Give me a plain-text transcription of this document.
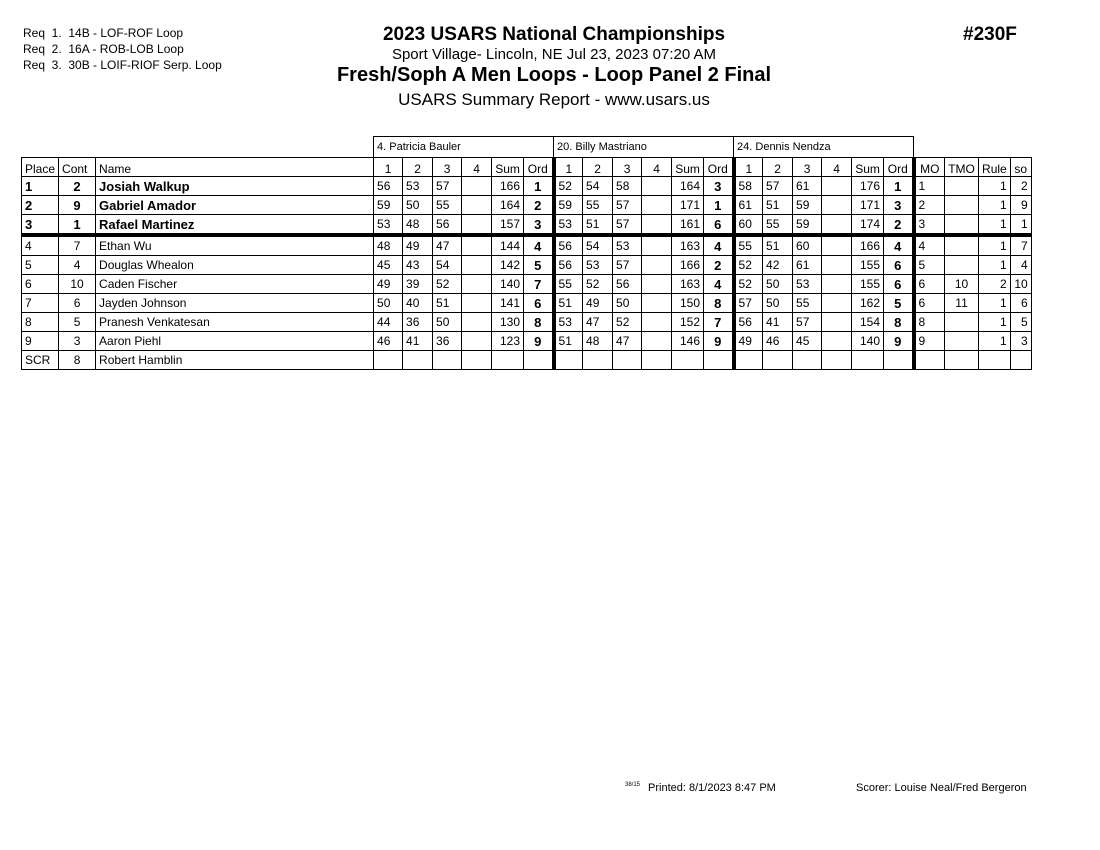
Req  1.  14B - LOF-ROF Loop
Req  2.  16A - ROB-LOB Loop
Req  3.  30B - LOIF-RIOF Serp. Loop
#230F
2023 USARS National Championships
Sport Village- Lincoln, NE Jul 23, 2023 07:20 AM
Fresh/Soph A Men Loops - Loop Panel 2 Final
USARS Summary Report - www.usars.us
			4. Patricia Bauler						20. Billy Mastriano						24. Dennis Nendza									
Place	Cont	Name	1	2	3	4	Sum	Ord	1	2	3	4	Sum	Ord	1	2	3	4	Sum	Ord	MO	TMO	Rule	so
1	2	Josiah Walkup	56	53	57		166	1	52	54	58		164	3	58	57	61		176	1	1		1	2
2	9	Gabriel Amador	59	50	55		164	2	59	55	57		171	1	61	51	59		171	3	2		1	9
3	1	Rafael Martinez	53	48	56		157	3	53	51	57		161	6	60	55	59		174	2	3		1	1
4	7	Ethan Wu	48	49	47		144	4	56	54	53		163	4	55	51	60		166	4	4		1	7
5	4	Douglas Whealon	45	43	54		142	5	56	53	57		166	2	52	42	61		155	6	5		1	4
6	10	Caden Fischer	49	39	52		140	7	55	52	56		163	4	52	50	53		155	6	6	10	2	10
7	6	Jayden Johnson	50	40	51		141	6	51	49	50		150	8	57	50	55		162	5	6	11	1	6
8	5	Pranesh Venkatesan	44	36	50		130	8	53	47	52		152	7	56	41	57		154	8	8		1	5
9	3	Aaron Piehl	46	41	36		123	9	51	48	47		146	9	49	46	45		140	9	9		1	3
SCR	8	Robert Hamblin																						
$^{38/15}$ Printed: 8/1/2023 8:47 PM	Scorer: Louise Neal/Fred Bergeron
